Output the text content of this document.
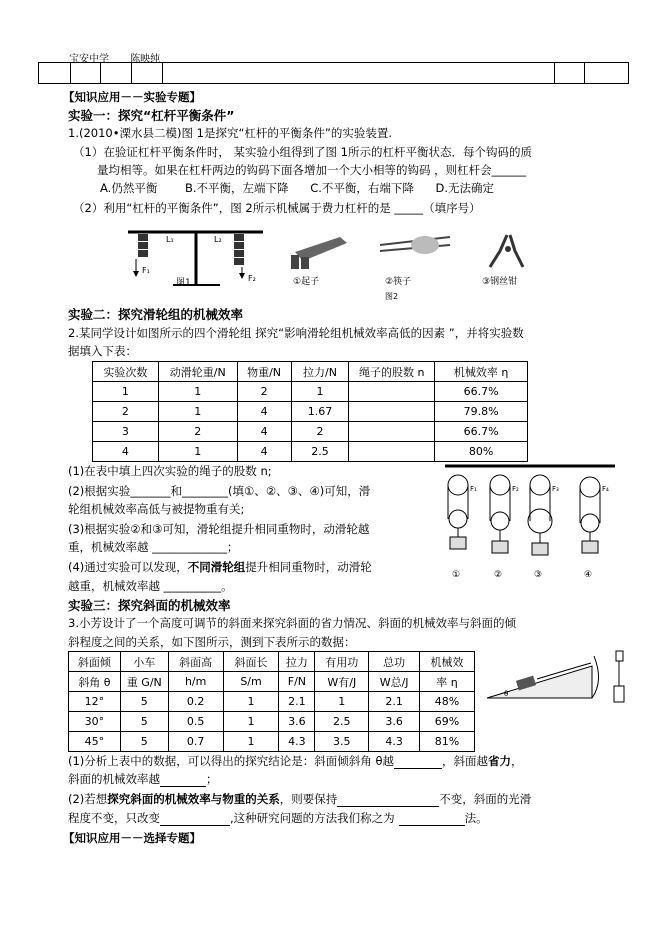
宝安中学 陈映纯
【知识应用－－实验专题】
实验一：探究“杠杆平衡条件”
1.(2010•溧水县二模)图 1是探究“杠杆的平衡条件”的实验装置.
（1）在验证杠杆平衡条件时， 某实验小组得到了图 1所示的杠杆平衡状态．每个钩码的质
量均相等。如果在杠杆两边的钩码下面各增加一个大小相等的钩码 ，则杠杆会______
A.仍然平衡 B.不平衡，左端下降 C.不平衡，右端下降 D.无法确定
（2）利用“杠杆的平衡条件”，图 2所示机械属于费力杠杆的是 _____（填序号）
L₁	L₂
F₁
F₂
图1	①起子	②筷子	③钢丝钳
图2
实验二：探究滑轮组的机械效率
2.某同学设计如图所示的四个滑轮组 探究“影响滑轮组机械效率高低的因素 ”，并将实验数
据填入下表：
实验次数	动滑轮重/N	物重/N	拉力/N	绳子的股数 n	机械效率 η
1	1	2	1		66.7%
2	1	4	1.67		79.8%
3	2	4	2		66.7%
4	1	4	2.5		80%
(1)在表中填上四次实验的绳子的股数 n;
(2)根据实验_______和________(填①、②、③、④)可知，滑
轮组机械效率高低与被提物重有关;
(3)根据实验②和③可知，滑轮组提升相同重物时，动滑轮越
重，机械效率越 _____________；
(4)通过实验可以发现，不同滑轮组提升相同重物时，动滑轮
越重，机械效率越 __________。
F₁	F₂	F₃	F₄
①	②	③	④
实验三：探究斜面的机械效率
3.小芳设计了一个高度可调节的斜面来探究斜面的省力情况、斜面的机械效率与斜面的倾
斜程度之间的关系，如下图所示，测到下表所示的数据：
斜面倾	小车	斜面高	斜面长	拉力	有用功	总功	机械效
斜角 θ	重 G/N	h/m	S/m	F/N	W有/J	W总/J	率 η
12°	5	0.2	1	2.1	1	2.1	48%
30°	5	0.5	1	3.6	2.5	3.6	69%
45°	5	0.7	1	4.3	3.5	4.3	81%
θ
(1)分析上表中的数据，可以得出的探究结论是：斜面倾斜角 θ越	，斜面越省力，
斜面的机械效率越	；
(2)若想探究斜面的机械效率与物重的关系，则要保持	不变，斜面的光滑
程度不变，只改变	,这种研究问题的方法我们称之为	法。
【知识应用－－选择专题】
